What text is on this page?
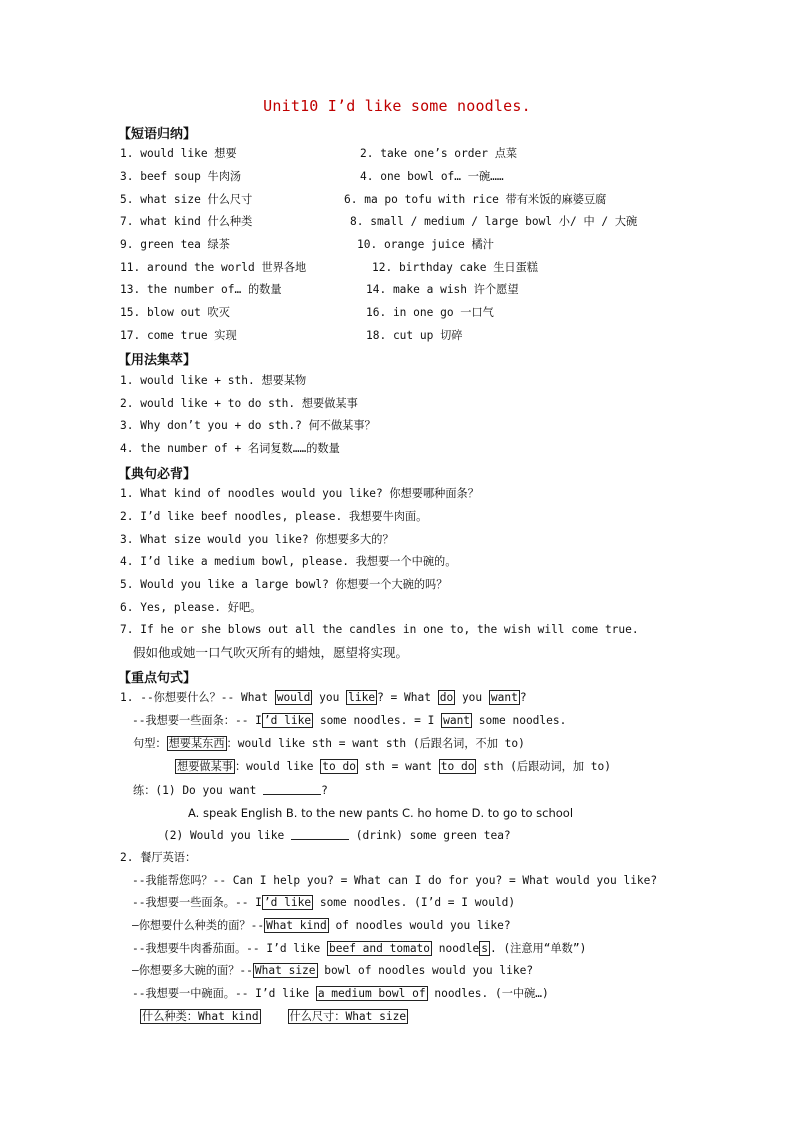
Unit10 I’d like some noodles.
【短语归纳】
1. would like 想要	2. take one’s order 点菜
3. beef soup 牛肉汤	4. one bowl of… 一碗……
5. what size 什么尺寸	6. ma po tofu with rice 带有米饭的麻婆豆腐
7. what kind 什么种类	8. small / medium / large bowl 小/ 中 / 大碗
9. green tea 绿茶	10. orange juice 橘汁
11. around the world 世界各地	12. birthday cake 生日蛋糕
13. the number of… 的数量	14. make a wish 许个愿望
15. blow out 吹灭	16. in one go 一口气
17. come true 实现	18. cut up 切碎
【用法集萃】
1. would like + sth. 想要某物
2. would like + to do sth. 想要做某事
3. Why don’t you + do sth.? 何不做某事？
4. the number of + 名词复数……的数量
【典句必背】
1. What kind of noodles would you like? 你想要哪种面条？
2. I’d like beef noodles, please. 我想要牛肉面。
3. What size would you like? 你想要多大的？
4. I’d like a medium bowl, please. 我想要一个中碗的。
5. Would you like a large bowl? 你想要一个大碗的吗？
6. Yes, please. 好吧。
7. If he or she blows out all the candles in one to, the wish will come true.
假如他或她一口气吹灭所有的蜡烛，愿望将实现。
【重点句式】
1. --你想要什么？-- What would you like ? = What do you want ?
--我想要一些面条：-- I ’d like some noodles. = I want some noodles.
句型： 想要某东西 ：would like sth = want sth (后跟名词，不加 to)
想要做某事 ：would like to do sth = want to do sth (后跟动词，加 to)
练：(1) Do you want	?
A. speak English B. to the new pants C. ho home D. to go to school
(2) Would you like	(drink) some green tea?
2. 餐厅英语：
--我能帮您吗？-- Can I help you? = What can I do for you? = What would you like?
--我想要一些面条。-- I ’d like some noodles. (I’d = I would)
–你想要什么种类的面？-- What kind of noodles would you like?
--我想要牛肉番茄面。-- I’d like beef and tomato noodle s . (注意用“单数”)
–你想要多大碗的面？-- What size bowl of noodles would you like?
--我想要一中碗面。-- I’d like a medium bowl of noodles. (一中碗…)
什么种类：What kind	什么尺寸：What size
